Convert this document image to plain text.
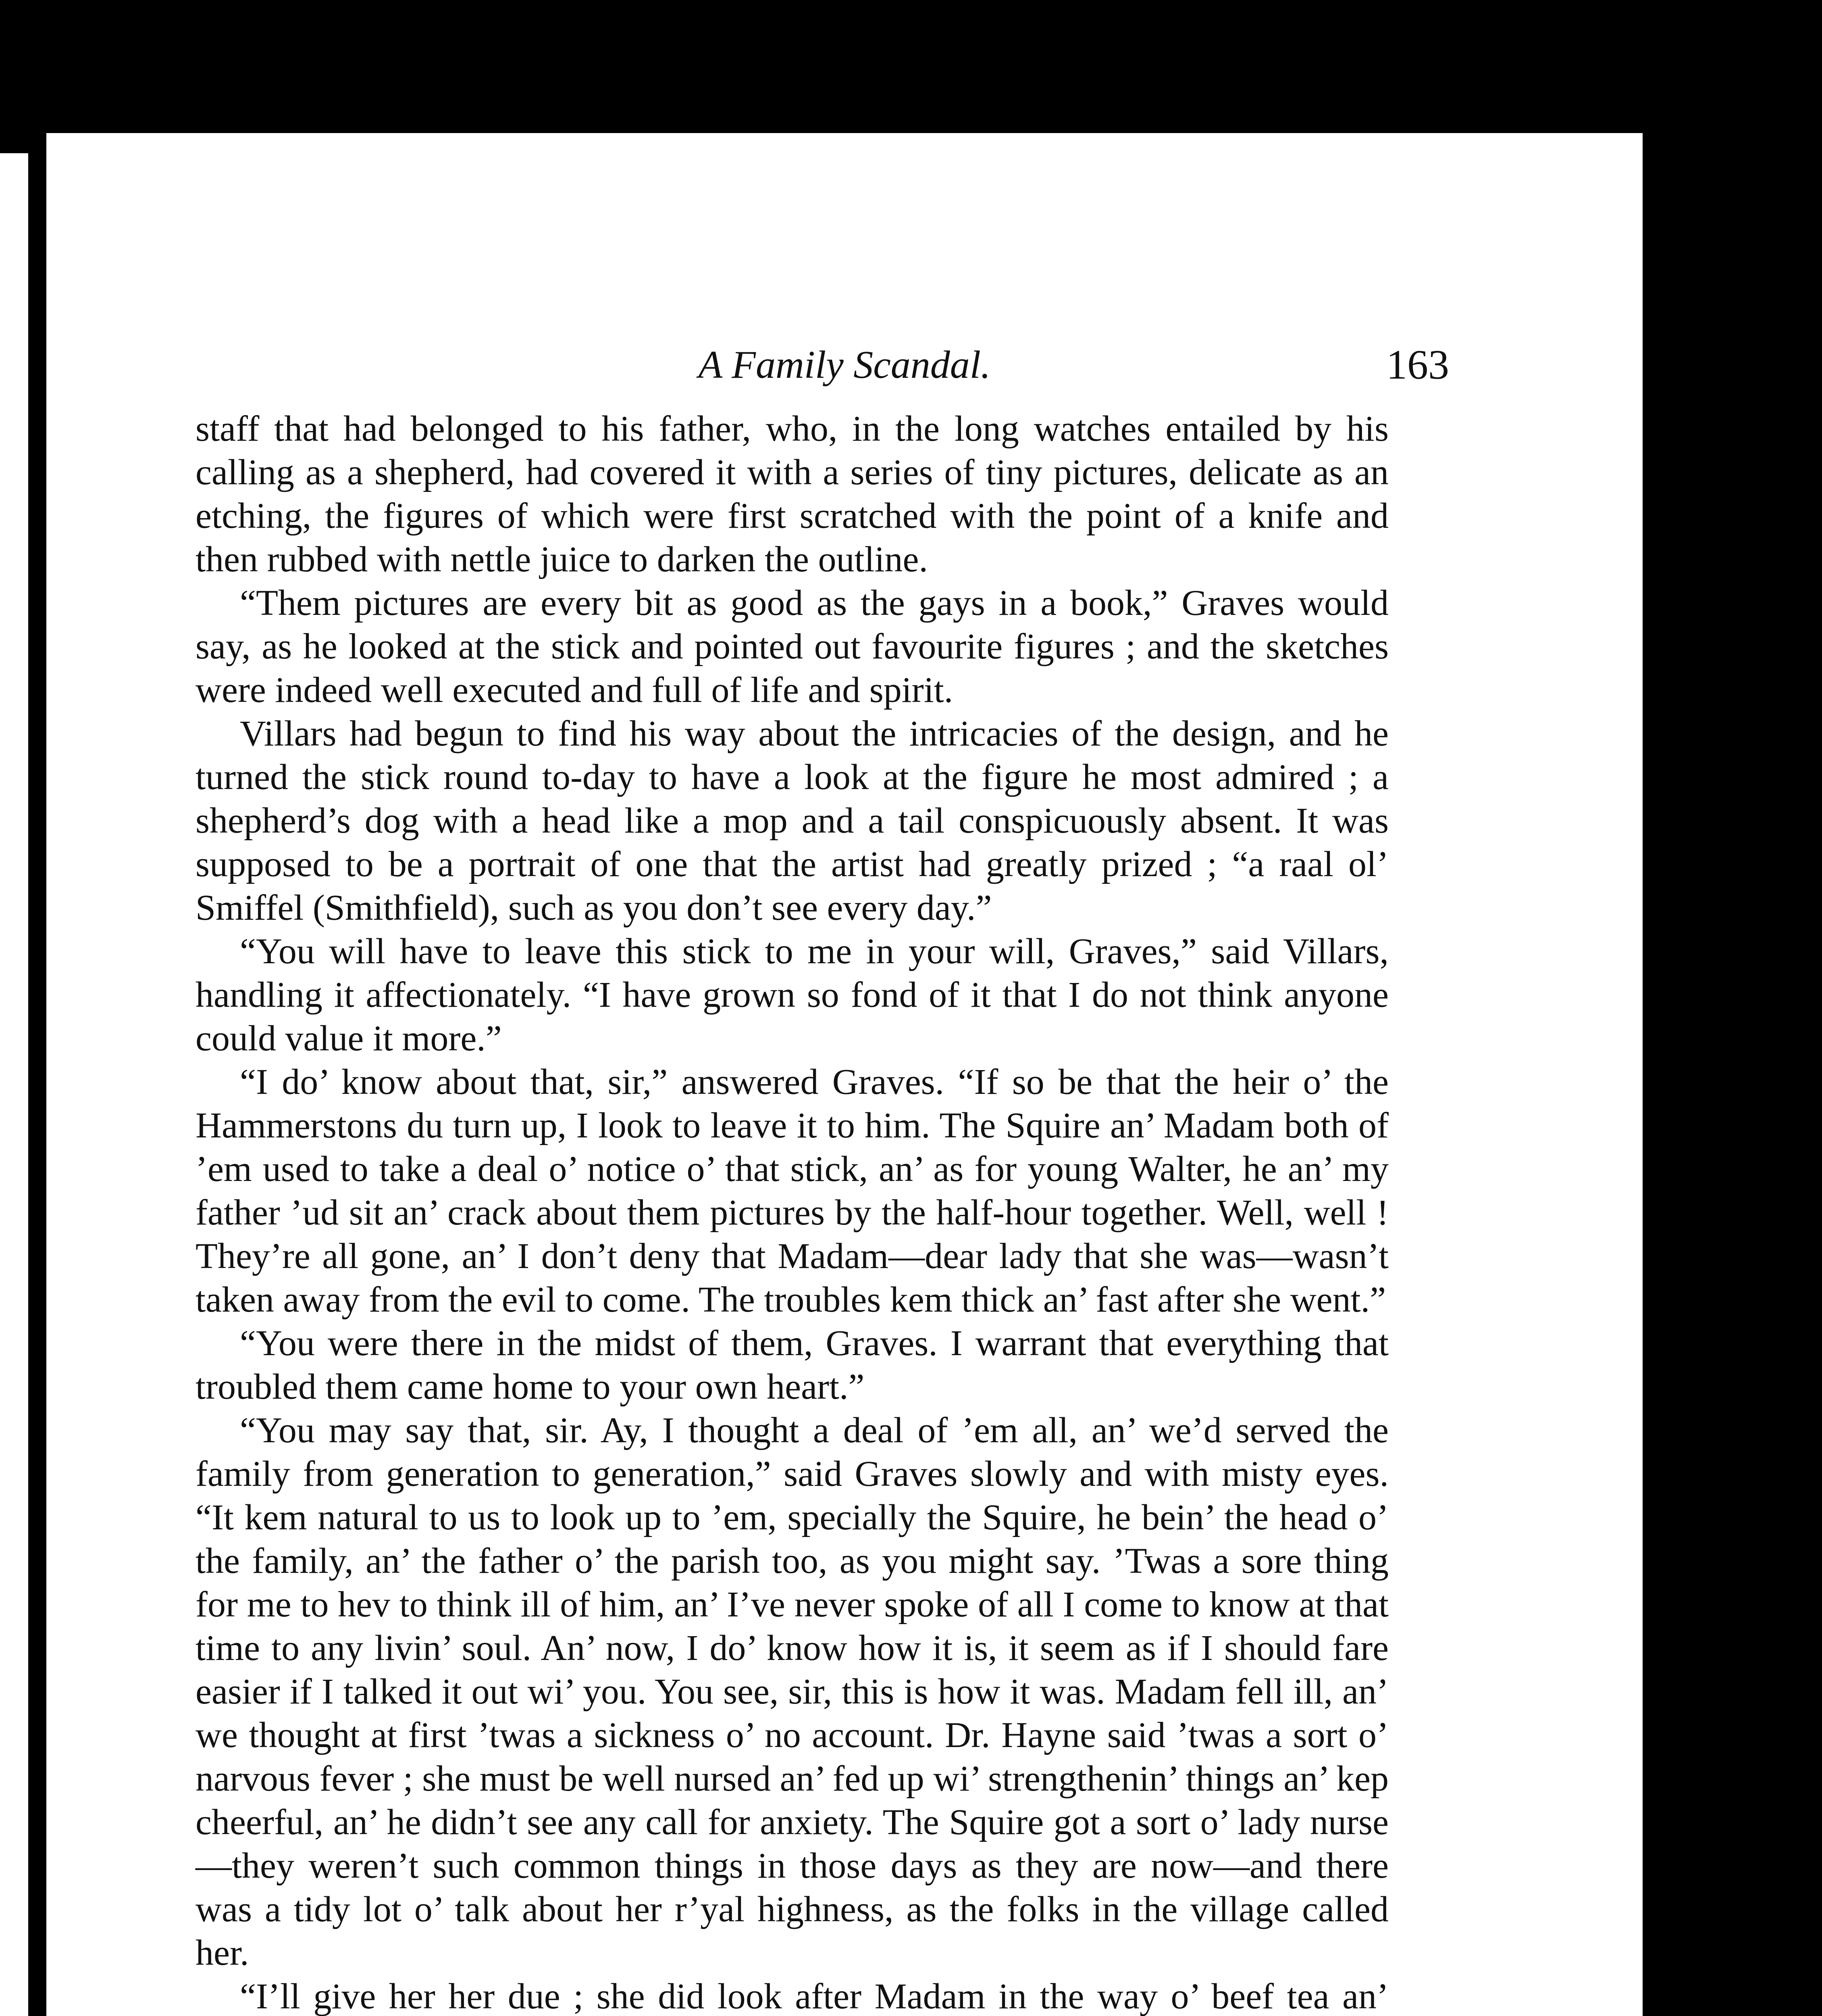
A Family Scandal.	163

staff that had belonged to his father, who, in the long watches entailed by his calling as a shepherd, had covered it with a series of tiny pictures, delicate as an etching, the figures of which were first scratched with the point of a knife and then rubbed with nettle juice to darken the outline.

“Them pictures are every bit as good as the gays in a book,” Graves would say, as he looked at the stick and pointed out favourite figures ; and the sketches were indeed well executed and full of life and spirit.

Villars had begun to find his way about the intricacies of the design, and he turned the stick round to-day to have a look at the figure he most admired ; a shepherd’s dog with a head like a mop and a tail conspicuously absent. It was supposed to be a portrait of one that the artist had greatly prized ; “a raal ol’ Smiffel (Smithfield), such as you don’t see every day.”

“You will have to leave this stick to me in your will, Graves,” said Villars, handling it affectionately. “I have grown so fond of it that I do not think anyone could value it more.”

“I do’ know about that, sir,” answered Graves. “If so be that the heir o’ the Hammerstons du turn up, I look to leave it to him. The Squire an’ Madam both of ’em used to take a deal o’ notice o’ that stick, an’ as for young Walter, he an’ my father ’ud sit an’ crack about them pictures by the half-hour together. Well, well ! They’re all gone, an’ I don’t deny that Madam—dear lady that she was—wasn’t taken away from the evil to come. The troubles kem thick an’ fast after she went.”

“You were there in the midst of them, Graves. I warrant that everything that troubled them came home to your own heart.”

“You may say that, sir. Ay, I thought a deal of ’em all, an’ we’d served the family from generation to generation,” said Graves slowly and with misty eyes. “It kem natural to us to look up to ’em, specially the Squire, he bein’ the head o’ the family, an’ the father o’ the parish too, as you might say. ’Twas a sore thing for me to hev to think ill of him, an’ I’ve never spoke of all I come to know at that time to any livin’ soul. An’ now, I do’ know how it is, it seem as if I should fare easier if I talked it out wi’ you. You see, sir, this is how it was. Madam fell ill, an’ we thought at first ’twas a sickness o’ no account. Dr. Hayne said ’twas a sort o’ narvous fever ; she must be well nursed an’ fed up wi’ strengthenin’ things an’ kep cheerful, an’ he didn’t see any call for anxiety. The Squire got a sort o’ lady nurse—they weren’t such common things in those days as they are now—and there was a tidy lot o’ talk about her r’yal highness, as the folks in the village called her.

“I’ll give her her due ; she did look after Madam in the way o’ beef tea an’
